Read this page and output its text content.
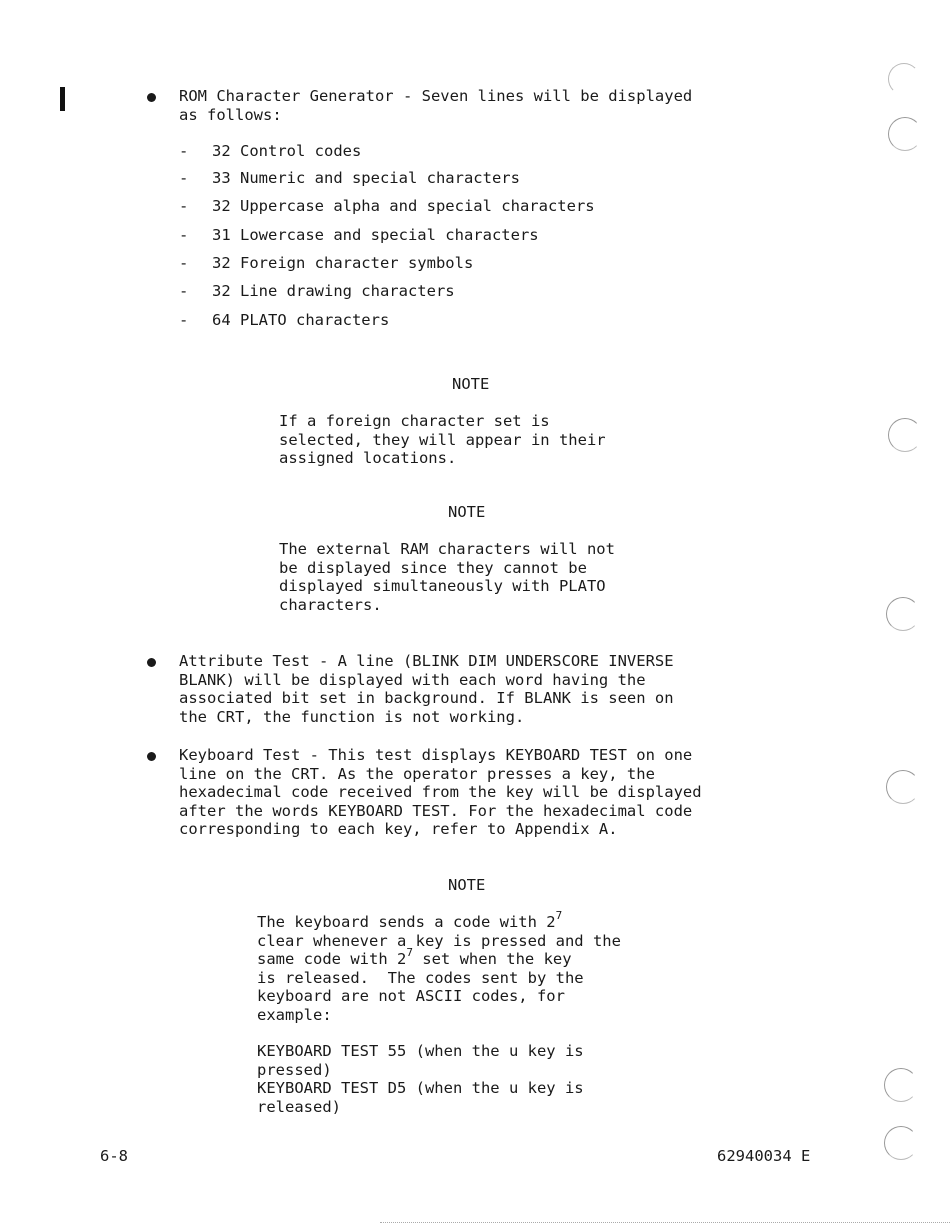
ROM Character Generator - Seven lines will be displayed
as follows:
- 32 Control codes
- 33 Numeric and special characters
- 32 Uppercase alpha and special characters
- 31 Lowercase and special characters
- 32 Foreign character symbols
- 32 Line drawing characters
- 64 PLATO characters
NOTE
If a foreign character set is
selected, they will appear in their
assigned locations.
NOTE
The external RAM characters will not
be displayed since they cannot be
displayed simultaneously with PLATO
characters.
Attribute Test - A line (BLINK DIM UNDERSCORE INVERSE
BLANK) will be displayed with each word having the
associated bit set in background. If BLANK is seen on
the CRT, the function is not working.
Keyboard Test - This test displays KEYBOARD TEST on one
line on the CRT. As the operator presses a key, the
hexadecimal code received from the key will be displayed
after the words KEYBOARD TEST. For the hexadecimal code
corresponding to each key, refer to Appendix A.
NOTE
The keyboard sends a code with $2^7$
clear whenever a key is pressed and the
same code with $2^7$ set when the key
is released.  The codes sent by the
keyboard are not ASCII codes, for
example:
KEYBOARD TEST 55 (when the u key is
pressed)
KEYBOARD TEST D5 (when the u key is
released)
6-8	62940034 E
